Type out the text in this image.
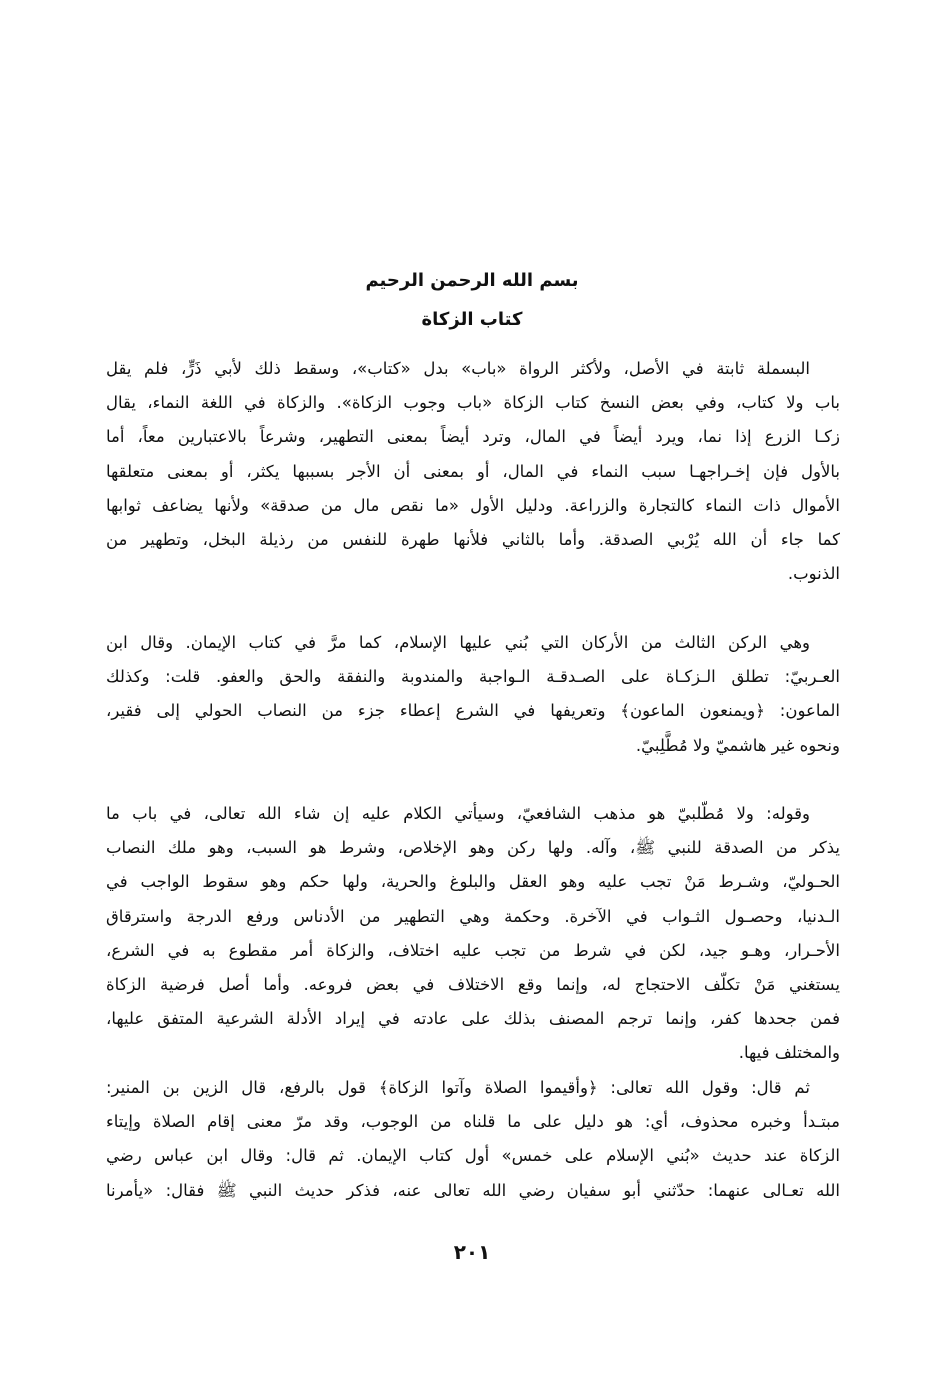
بسم الله الرحمن الرحيم
كتاب الزكاة
البسملة ثابتة في الأصل، ولأكثر الرواة «باب» بدل «كتاب»، وسقط ذلك لأبي ذَرٍّ، فلم يقل
باب ولا كتاب، وفي بعض النسخ كتاب الزكاة «باب وجوب الزكاة». والزكاة في اللغة النماء، يقال
زكـا الزرع إذا نما، ويرد أيضاً في المال، وترد أيضاً بمعنى التطهير، وشرعاً بالاعتبارين معاً، أما
بالأول فإن إخـراجهـا سبب النماء في المال، أو بمعنى أن الأجر بسببها يكثر، أو بمعنى متعلقها
الأموال ذات النماء كالتجارة والزراعة. ودليل الأول «ما نقص مال من صدقة» ولأنها يضاعف ثوابها
كما جاء أن الله يُرْبي الصدقة. وأما بالثاني فلأنها طهرة للنفس من رذيلة البخل، وتطهير من
الذنوب.
وهي الركن الثالث من الأركان التي بُني عليها الإسلام، كما مرَّ في كتاب الإيمان. وقال ابن
العـربيّ: تطلق الـزكـاة على الصـدقـة الـواجبة والمندوبة والنفقة والحق والعفو. قلت: وكذلك
الماعون: ﴿ويمنعون الماعون﴾ وتعريفها في الشرع إعطاء جزء من النصاب الحولي إلى فقير،
ونحوه غير هاشميّ ولا مُطَّلِبيّ.
وقوله: ولا مُطّلبيّ هو مذهب الشافعيّ، وسيأتي الكلام عليه إن شاء الله تعالى، في باب ما
يذكر من الصدقة للنبي ﷺ، وآله. ولها ركن وهو الإخلاص، وشرط هو السبب، وهو ملك النصاب
الحـوليّ، وشـرط مَنْ تجب عليه وهو العقل والبلوغ والحرية، ولها حكم وهو سقوط الواجب في
الـدنيا، وحصـول الثـواب في الآخرة. وحكمة وهي التطهير من الأدناس ورفع الدرجة واسترقاق
الأحـرار، وهـو جيد، لكن في شرط من تجب عليه اختلاف، والزكاة أمر مقطوع به في الشرع،
يستغني مَنْ تكلّف الاحتجاج له، وإنما وقع الاختلاف في بعض فروعه. وأما أصل فرضية الزكاة
فمن جحدها كفر، وإنما ترجم المصنف بذلك على عادته في إيراد الأدلة الشرعية المتفق عليها،
والمختلف فيها.
ثم قال: وقول الله تعالى: ﴿وأقيموا الصلاة وآتوا الزكاة﴾ قول بالرفع، قال الزين بن المنير:
مبتـدأ وخبره محذوف، أي: هو دليل على ما قلناه من الوجوب، وقد مرّ معنى إقام الصلاة وإيتاء
الزكاة عند حديث «بُني الإسلام على خمس» أول كتاب الإيمان. ثم قال: وقال ابن عباس رضي
الله تعـالى عنهما: حدّثني أبو سفيان رضي الله تعالى عنه، فذكر حديث النبي ﷺ فقال: «يأمرنا
٢٠١
